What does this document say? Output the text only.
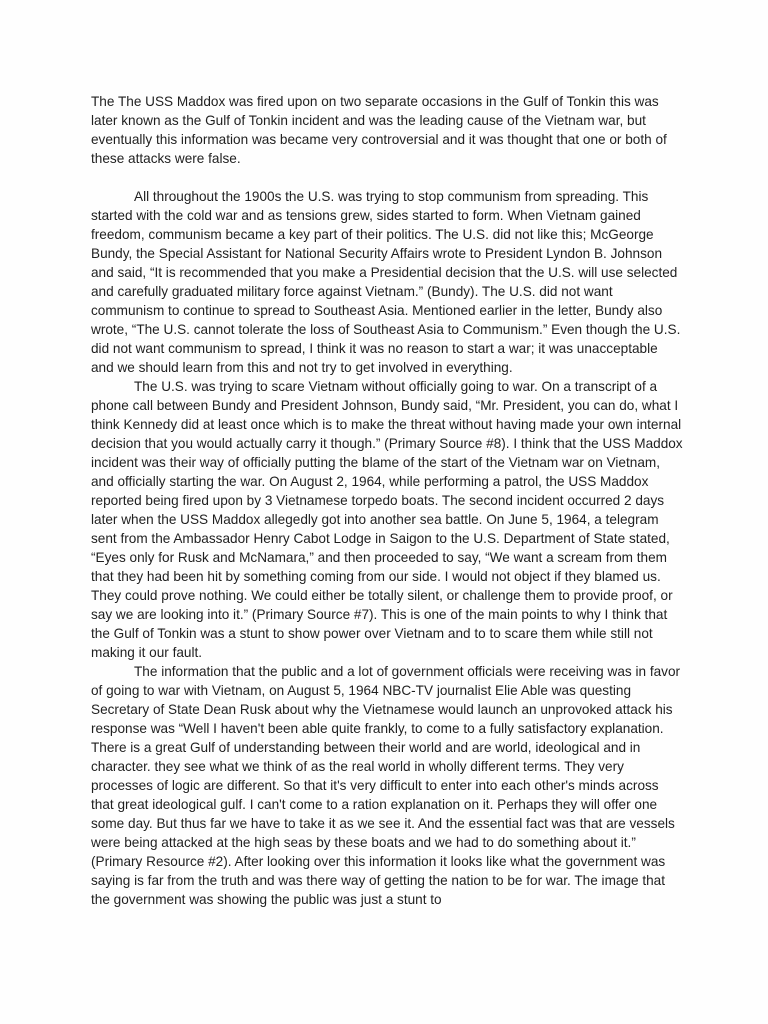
The The USS Maddox was fired upon on two separate occasions in the Gulf of Tonkin this was later known as the Gulf of Tonkin incident and was the leading cause of the Vietnam war, but eventually this information was became very controversial and it was thought that one or both of these attacks were false.

All throughout the 1900s the U.S. was trying to stop communism from spreading. This started with the cold war and as tensions grew, sides started to form. When Vietnam gained freedom, communism became a key part of their politics. The U.S. did not like this; McGeorge Bundy, the Special Assistant for National Security Affairs wrote to President Lyndon B. Johnson and said, “It is recommended that you make a Presidential decision that the U.S. will use selected and carefully graduated military force against Vietnam.” (Bundy). The U.S. did not want communism to continue to spread to Southeast Asia. Mentioned earlier in the letter, Bundy also wrote, “The U.S. cannot tolerate the loss of Southeast Asia to Communism.” Even though the U.S. did not want communism to spread, I think it was no reason to start a war; it was unacceptable and we should learn from this and not try to get involved in everything.

The U.S. was trying to scare Vietnam without officially going to war. On a transcript of a phone call between Bundy and President Johnson, Bundy said, “Mr. President, you can do, what I think Kennedy did at least once which is to make the threat without having made your own internal decision that you would actually carry it though.” (Primary Source #8). I think that the USS Maddox incident was their way of officially putting the blame of the start of the Vietnam war on Vietnam, and officially starting the war. On August 2, 1964, while performing a patrol, the USS Maddox reported being fired upon by 3 Vietnamese torpedo boats. The second incident occurred 2 days later when the USS Maddox allegedly got into another sea battle. On June 5, 1964, a telegram sent from the Ambassador Henry Cabot Lodge in Saigon to the U.S. Department of State stated, “Eyes only for Rusk and McNamara,” and then proceeded to say, “We want a scream from them that they had been hit by something coming from our side. I would not object if they blamed us. They could prove nothing. We could either be totally silent, or challenge them to provide proof, or say we are looking into it.” (Primary Source #7). This is one of the main points to why I think that the Gulf of Tonkin was a stunt to show power over Vietnam and to to scare them while still not making it our fault.

The information that the public and a lot of government officials were receiving was in favor of going to war with Vietnam, on August 5, 1964 NBC-TV journalist Elie Able was questing Secretary of State Dean Rusk about why the Vietnamese would launch an unprovoked attack his response was “Well I haven't been able quite frankly, to come to a fully satisfactory explanation. There is a great Gulf of understanding between their world and are world, ideological and in character. they see what we think of as the real world in wholly different terms. They very processes of logic are different. So that it's very difficult to enter into each other's minds across that great ideological gulf. I can't come to a ration explanation on it. Perhaps they will offer one some day. But thus far we have to take it as we see it. And the essential fact was that are vessels were being attacked at the high seas by these boats and we had to do something about it.” (Primary Resource #2). After looking over this information it looks like what the government was saying is far from the truth and was there way of getting the nation to be for war. The image that the government was showing the public was just a stunt to
